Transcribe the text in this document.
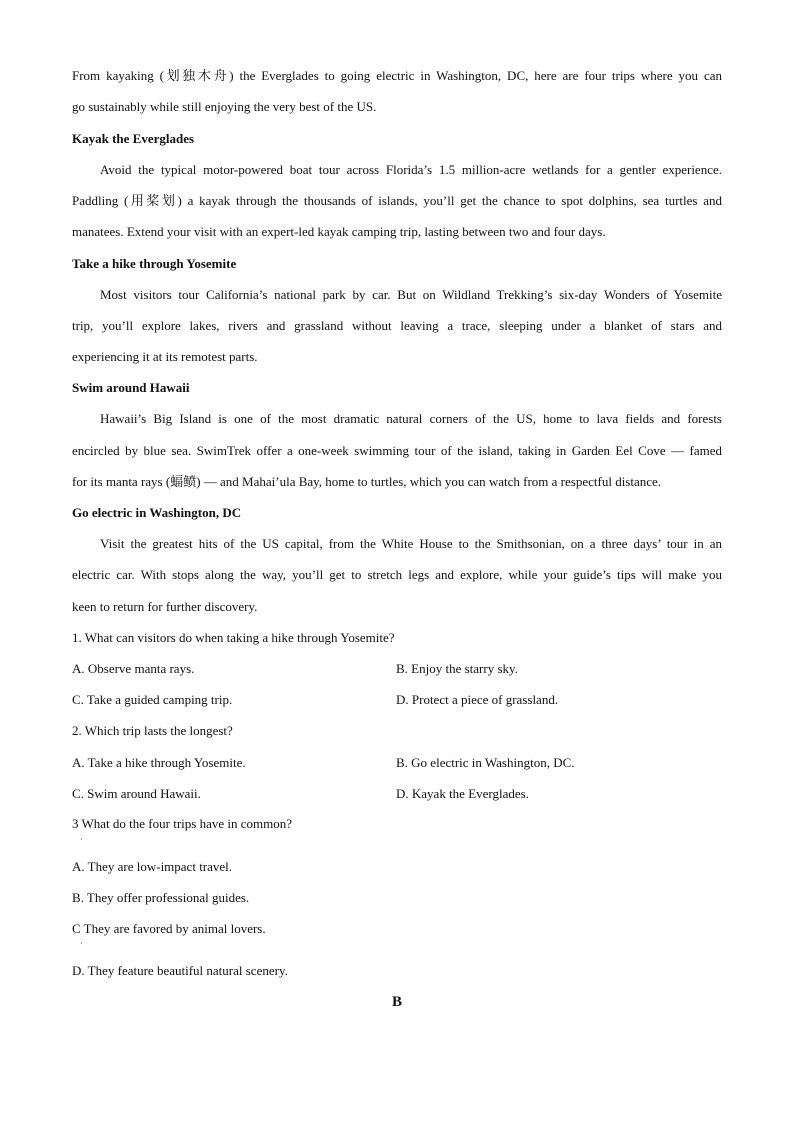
From kayaking (划独木舟) the Everglades to going electric in Washington, DC, here are four trips where you can
go sustainably while still enjoying the very best of the US.
Kayak the Everglades
Avoid the typical motor-powered boat tour across Florida’s 1.5 million-acre wetlands for a gentler experience.
Paddling (用桨划) a kayak through the thousands of islands, you’ll get the chance to spot dolphins, sea turtles and
manatees. Extend your visit with an expert-led kayak camping trip, lasting between two and four days.
Take a hike through Yosemite
Most visitors tour California’s national park by car. But on Wildland Trekking’s six-day Wonders of Yosemite
trip, you’ll explore lakes, rivers and grassland without leaving a trace, sleeping under a blanket of stars and
experiencing it at its remotest parts.
Swim around Hawaii
Hawaii’s Big Island is one of the most dramatic natural corners of the US, home to lava fields and forests
encircled by blue sea. SwimTrek offer a one-week swimming tour of the island, taking in Garden Eel Cove — famed
for its manta rays (蝠鲼) — and Mahai’ula Bay, home to turtles, which you can watch from a respectful distance.
Go electric in Washington, DC
Visit the greatest hits of the US capital, from the White House to the Smithsonian, on a three days’ tour in an
electric car. With stops along the way, you’ll get to stretch legs and explore, while your guide’s tips will make you
keen to return for further discovery.
1. What can visitors do when taking a hike through Yosemite?
A. Observe manta rays.	B. Enjoy the starry sky.
C. Take a guided camping trip.	D. Protect a piece of grassland.
2. Which trip lasts the longest?
A. Take a hike through Yosemite.	B. Go electric in Washington, DC.
C. Swim around Hawaii.	D. Kayak the Everglades.
3 What do the four trips have in common?
·
A. They are low-impact travel.
B. They offer professional guides.
C They are favored by animal lovers.
·
D. They feature beautiful natural scenery.
B
